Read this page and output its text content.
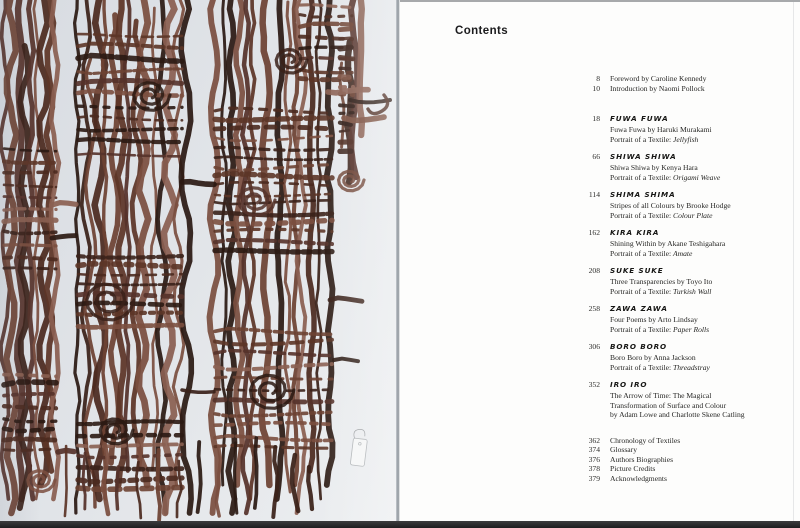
Contents
8 Foreword by Caroline Kennedy
10 Introduction by Naomi Pollock
18 FUWA FUWA
Fuwa Fuwa by Haruki Murakami
Portrait of a Textile: Jellyfish
66 SHIWA SHIWA
Shiwa Shiwa by Kenya Hara
Portrait of a Textile: Origami Weave
114 SHIMA SHIMA
Stripes of all Colours by Brooke Hodge
Portrait of a Textile: Colour Plate
162 KIRA KIRA
Shining Within by Akane Teshigahara
Portrait of a Textile: Amate
208 SUKE SUKE
Three Transparencies by Toyo Ito
Portrait of a Textile: Turkish Wall
258 ZAWA ZAWA
Four Poems by Arto Lindsay
Portrait of a Textile: Paper Rolls
306 BORO BORO
Boro Boro by Anna Jackson
Portrait of a Textile: Threadstray
352 IRO IRO
The Arrow of Time: The Magical
Transformation of Surface and Colour
by Adam Lowe and Charlotte Skene Catling
362 Chronology of Textiles
374 Glossary
376 Authors Biographies
378 Picture Credits
379 Acknowledgments
